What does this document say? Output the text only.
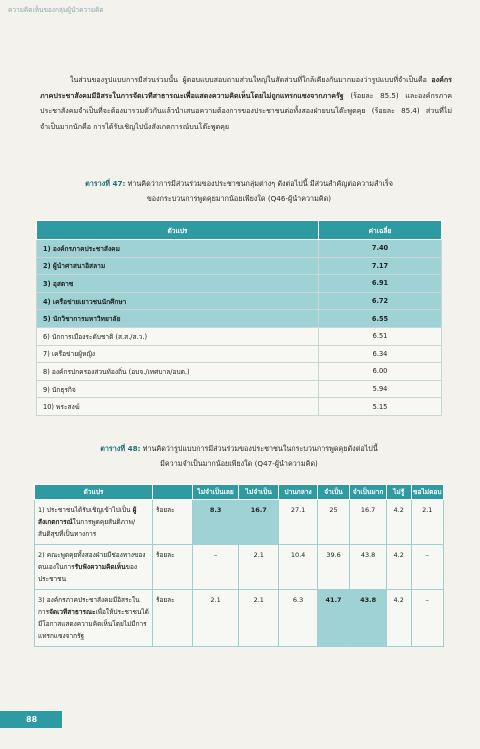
ความคิดเห็นของกลุ่มผู้นำความคิด

ในส่วนของรูปแบบการมีส่วนร่วมนั้น ผู้ตอบแบบสอบถามส่วนใหญ่ในสัดส่วนที่ใกล้เคียงกันมากมองว่ารูปแบบที่จำเป็นคือ องค์กรภาคประชาสังคมมีอิสระในการจัดเวทีสาธารณะเพื่อแสดงความคิดเห็นโดยไม่ถูกแทรกแซงจากภาครัฐ (ร้อยละ 85.5) และองค์กรภาคประชาสังคมจำเป็นที่จะต้องมารวมตัวกันแล้วนำเสนอความต้องการของประชาชนต่อทั้งสองฝ่ายบนโต๊ะพูดคุย (ร้อยละ 85.4) ส่วนที่ไม่จำเป็นมากนักคือ การได้รับเชิญไปนั่งสังเกตการณ์บนโต๊ะพูดคุย

ตารางที่ 47: ท่านคิดว่าการมีส่วนร่วมของประชาชนกลุ่มต่างๆ ดังต่อไปนี้ มีส่วนสำคัญต่อความสำเร็จ
ของกระบวนการพูดคุยมากน้อยเพียงใด (Q46-ผู้นำความคิด)
ตัวแปร	ค่าเฉลี่ย
1) องค์กรภาคประชาสังคม	7.40
2) ผู้นำศาสนาอิสลาม	7.17
3) อุสตาซ	6.91
4) เครือข่ายเยาวชนนักศึกษา	6.72
5) นักวิชาการมหาวิทยาลัย	6.55
6) นักการเมืองระดับชาติ (ส.ส./ส.ว.)	6.51
7) เครือข่ายผู้หญิง	6.34
8) องค์กรปกครองส่วนท้องถิ่น (อบจ./เทศบาล/อบต.)	6.00
9) นักธุรกิจ	5.94
10) พระสงฆ์	5.15
ตารางที่ 48: ท่านคิดว่ารูปแบบการมีส่วนร่วมของประชาชนในกระบวนการพูดคุยดังต่อไปนี้
มีความจำเป็นมากน้อยเพียงใด (Q47-ผู้นำความคิด)
ตัวแปร		ไม่จำเป็นเลย	ไม่จำเป็น	ปานกลาง	จำเป็น	จำเป็นมาก	ไม่รู้	ขอไม่ตอบ
1) ประชาชนได้รับเชิญเข้าไปเป็น ผู้สังเกตการณ์ในการพูดคุยสันติภาพ/สันติสุขที่เป็นทางการ	ร้อยละ	8.3	16.7	27.1	25	16.7	4.2	2.1
2) คณะพูดคุยทั้งสองฝ่ายมีช่องทางของตนเองในการรับฟังความคิดเห็นของประชาชน	ร้อยละ	–	2.1	10.4	39.6	43.8	4.2	–
3) องค์กรภาคประชาสังคมมีอิสระในการจัดเวทีสาธารณะเพื่อให้ประชาชนได้มีโอกาสแสดงความคิดเห็นโดยไม่มีการแทรกแซงจากรัฐ	ร้อยละ	2.1	2.1	6.3	41.7	43.8	4.2	–
88
